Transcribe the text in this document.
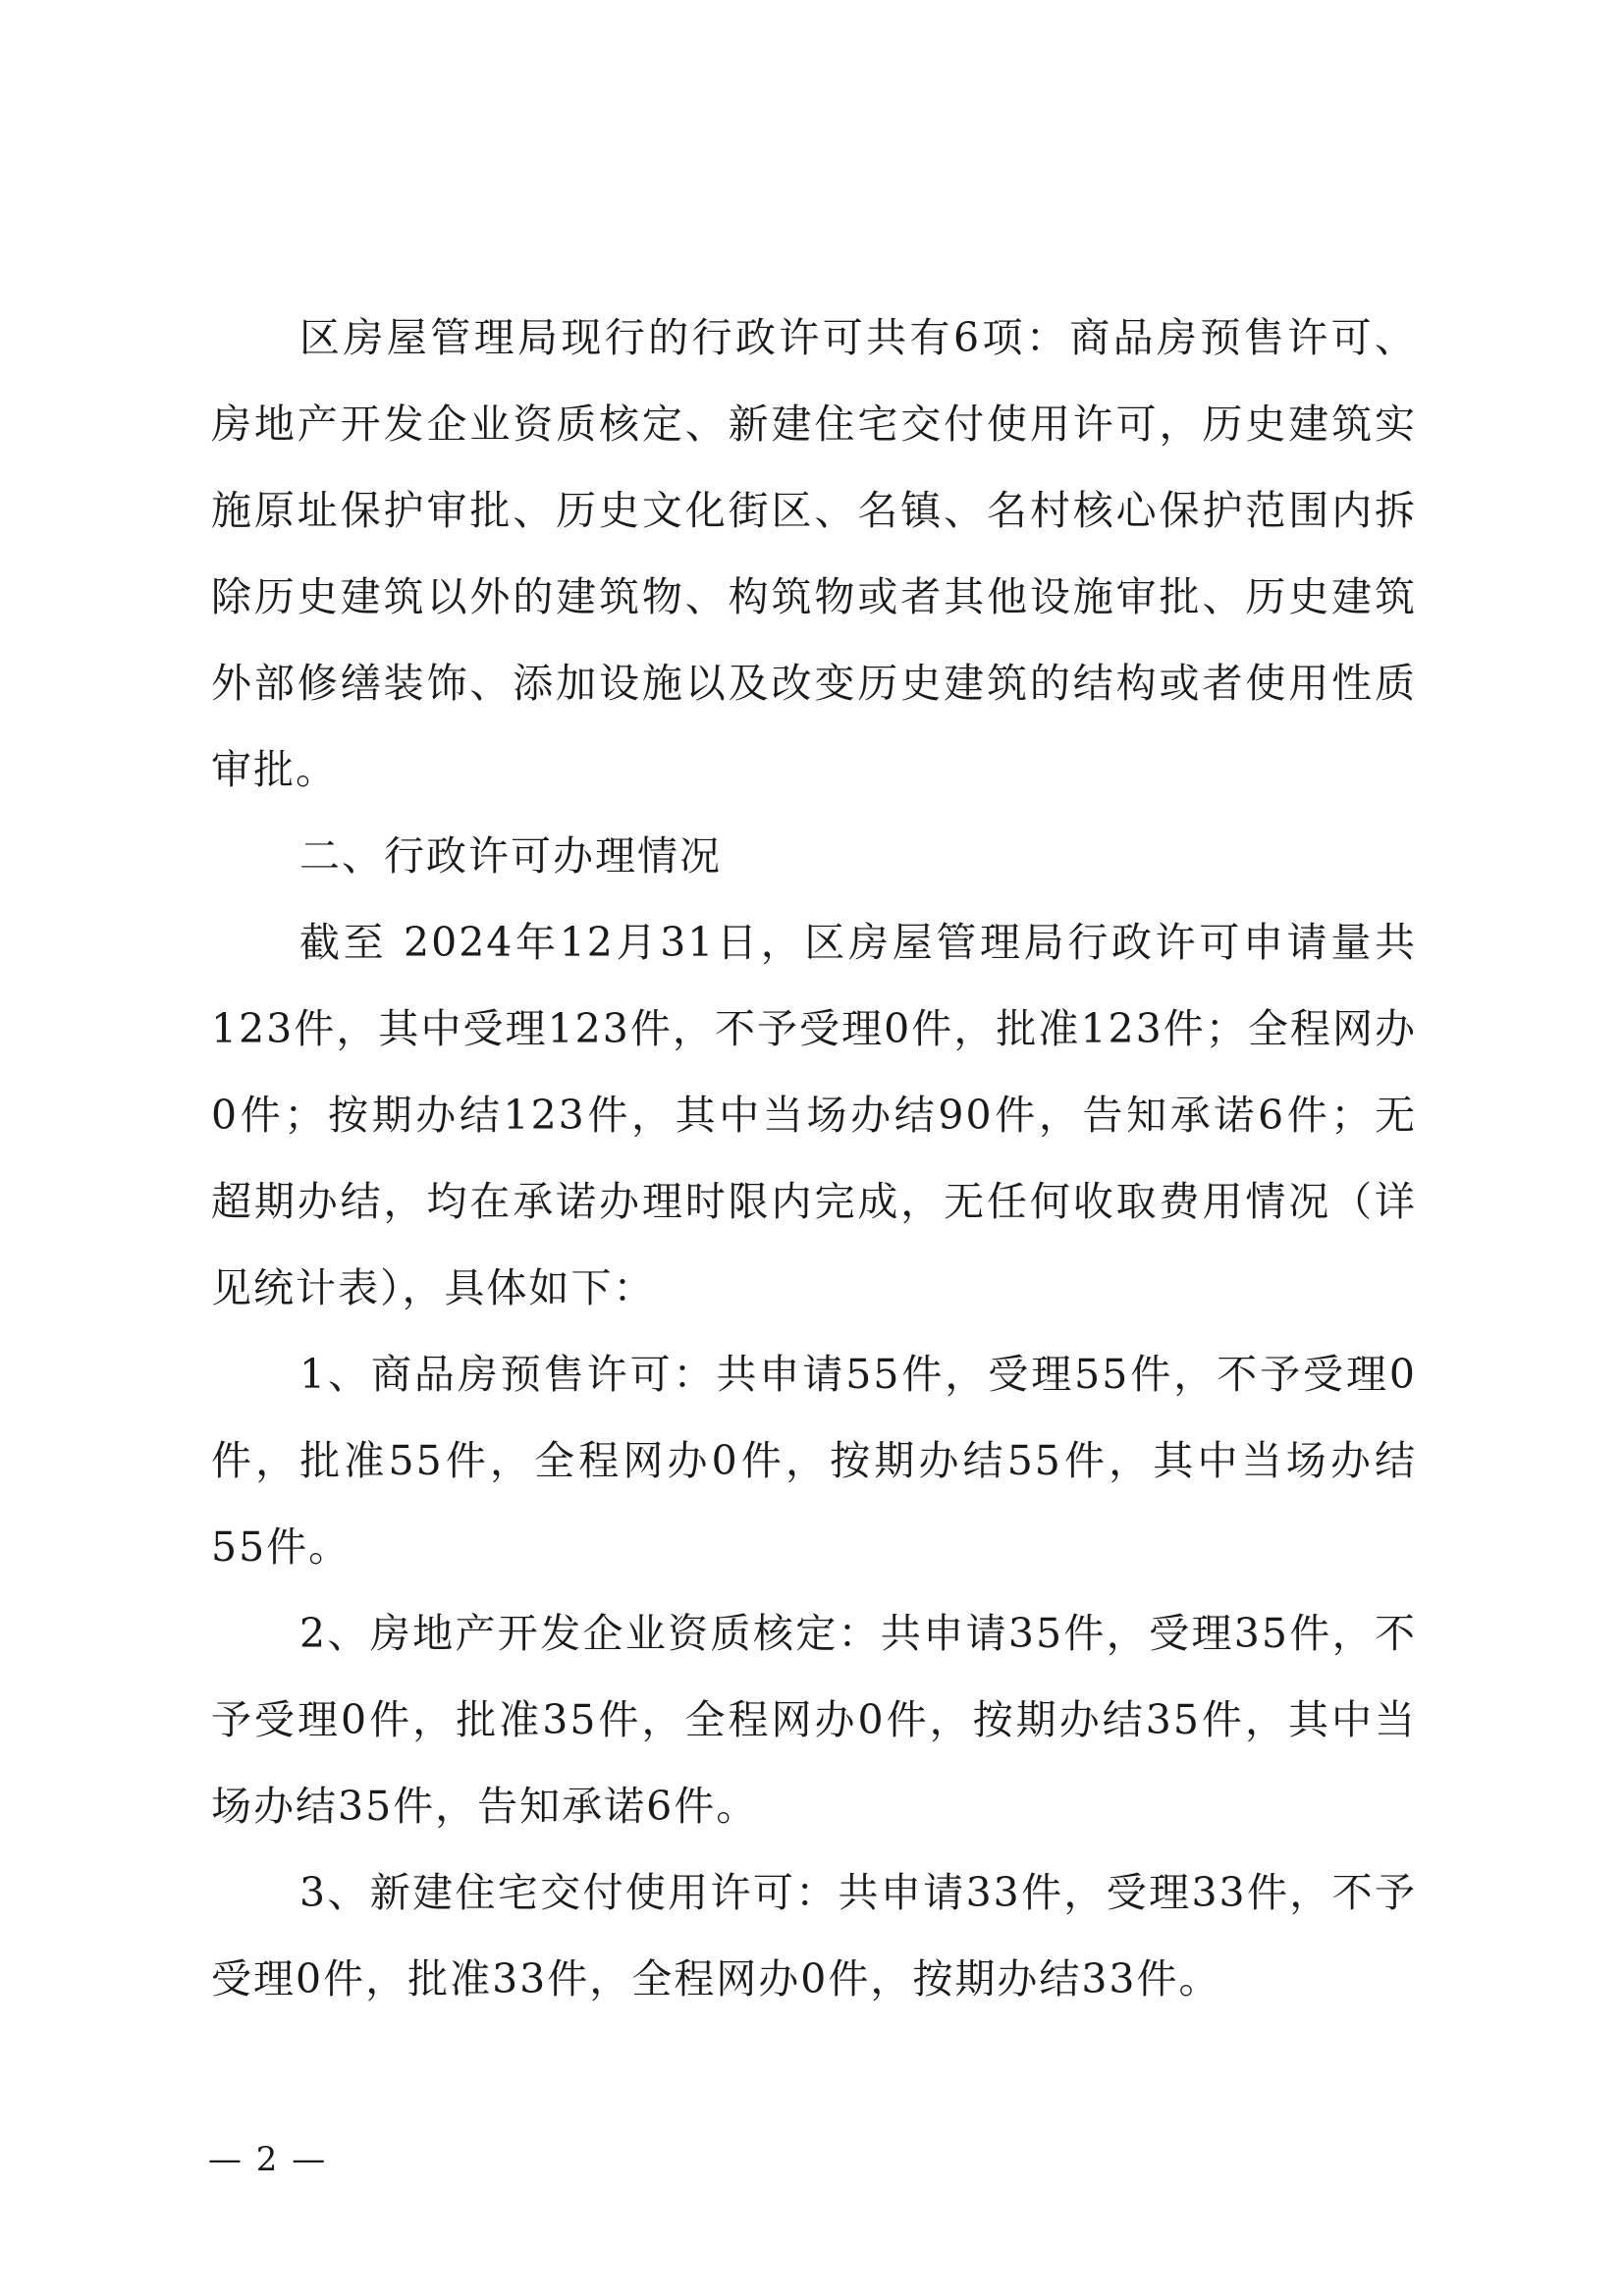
区房屋管理局现行的行政许可共有6项：商品房预售许可、房地产开发企业资质核定、新建住宅交付使用许可，历史建筑实施原址保护审批、历史文化街区、名镇、名村核心保护范围内拆除历史建筑以外的建筑物、构筑物或者其他设施审批、历史建筑外部修缮装饰、添加设施以及改变历史建筑的结构或者使用性质审批。

二、行政许可办理情况

截至 2024年12月31日，区房屋管理局行政许可申请量共123件，其中受理123件，不予受理0件，批准123件；全程网办0件；按期办结123件，其中当场办结90件，告知承诺6件；无超期办结，均在承诺办理时限内完成，无任何收取费用情况（详见统计表），具体如下：

1、商品房预售许可：共申请55件，受理55件，不予受理0件，批准55件，全程网办0件，按期办结55件，其中当场办结55件。

2、房地产开发企业资质核定：共申请35件，受理35件，不予受理0件，批准35件，全程网办0件，按期办结35件，其中当场办结35件，告知承诺6件。

3、新建住宅交付使用许可：共申请33件，受理33件，不予受理0件，批准33件，全程网办0件，按期办结33件。

— 2 —
